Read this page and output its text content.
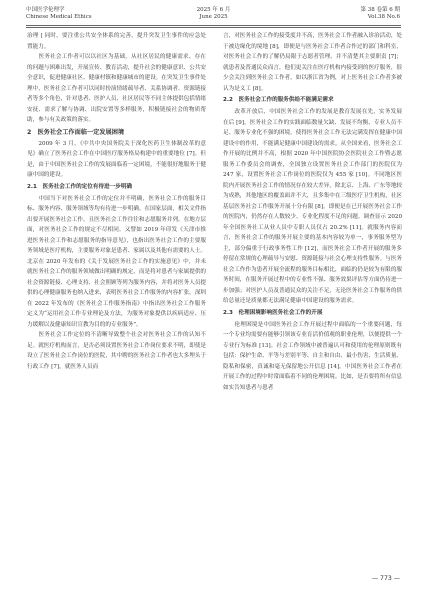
中国医学伦理学
Chinese Medical Ethics
2025 年 6 月
June 2025
第 38 卷第 6 期
Vol.38 No.6

治理 [ 同时，要注重公共安全体系的完善，提升突发卫生事件的应急处置能力。

医务社会工作者可以以社区为基础，从社区居民的健康需求、存在的问题与困难出发，开展宣传、教育活动，提升社会的健康意识、公共安全意识，促进健康社区、健康村镇和健康城市的建设。在突发卫生事件处理中，医务社会工作者可以同时扮演情绪疏导者、关系协调者、资源链接者等多个角色，针对患者、医护人员、社区居民等不同主体提供包括情绪安抚、需求了解与协调、出院安置等多样服务，积极链接社会的物质帮助，参与有关政策的落实。

2　医务社会工作面临一定发展困境

2009 年 3 月，《中共中央国务院关于深化医药卫生体制改革的意见》确立了医务社会工作在中国医疗服务格局构建中的重要地位 [7]。但是，由于中国医务社会工作的发展面临着一定困境，不能很好地服务于健康中国的建设。

2.1　医务社会工作的定位有待进一步明确

中国当下对医务社会工作的定位并不明确，医务社会工作的服务目标、服务内容、服务领域等均有待进一步明确。在国家层面，相关文件指出要开展医务社会工作，且医务社会工作往往和志愿服务并列。在地方层面，对医务社会工作的规定不尽相同。又譬如 2019 年印发《天津市推进医务社会工作和志愿服务的指导意见》，也指出医务社会工作的主要服务领域是医疗机构，主要服务对象是患者、家属以及其他有需要的人士。北京在 2020 年发布的《关于发展医务社会工作的实施意见》中，并未就医务社会工作的服务领域做出明确的规定，而是将对患者与家属提供的社会资源链接、心理支持、社会照顾等列为服务内容，并将对医务人员提供的心理健康服务也纳入进来，表明医务社会工作服务的内容扩张。深圳在 2022 年发布的《医务社会工作服务指南》中指出医务社会工作服务定义为“运用社会工作专业理论及方法，为服务对象提供以疾病适应、压力缓解以及健康知识宣教为目的的专业服务”。

医务社会工作定位的不清晰导致整个社会对医务社会工作的认知不足。就医疗机构而言，是否必须设置医务社会工作岗位要求不明，即使是设立了医务社会工作岗位的医院，其中聘的医务社会工作者也大多埋头于行政工作 [7]，就医务人员而

言，对医务社会工作的接受度并不高，医务社会工作者融入诊治活动，处于被边缘化的境地 [8]，即便是与医务社会工作者合作过的部门和科室，对医务社会工作的了解仍局限于志愿者管理、并不清楚其主要职责 [7]；就患者及普通民众而言，他们更关注在医疗机构内接受到的医疗服务，很少会关注到医务社会工作者，如以浙江省为例，对上医务社会工作者多被认为是义工 [8]。

2.2　医务社会工作的服务供给不能满足需求

改革开放后，中国医务社会工作的发展是教育发展在先，实务发展在后 [9]，医务社会工作的实践面临数量欠缺、发展不均衡、专业人员不足、服务专业化不强的困境，使得医务社会工作无法完满发挥在健康中国建设中的作用，不能满足健康中国建设的需求。从全国来看，医务社会工作开展的比例并不高，根据 2020 年中国医院协会医院社会工作暨志愿服务工作委员会的调查，全国独立设置医务社会工作部门的医院仅为 247 家，设置医务社会工作岗位的医院仅为 455 家 [10]。不同地区医院内开展医务社会工作的情况存在较大差异，除北京、上海、广东等地较为成熟，其他地区的覆盖面并不大，且多集中在三级医疗卫生机构，社区基层医务社会工作服务开展十分有限 [8]。即便是在已开展医务社会工作的医院内，仍然存在人数较少、专业化程度不足的问题。调查显示 2020 年全国医务社工从业人员中专职人员仅占 20.2% [11]。就服务内容而言，医务社会工作的服务开展主要的基本内容较为单一，事务服务型为主，部分偏重于行政事务性工作 [12]，而医务社会工作者开展的服务多停留在常规的心理疏导与安慰、资源链接与社会心理支持性服务。与医务社会工作作为患者开展全流程的服务目标相比，面临的仍是较为有限的服务时间，在服务开展过程中的专业性不强、服务效果评估等方面仍待进一步加强；对医护人员及普通民众的关注不足，无论医务社会工作服务的供给总量还是质量都无法满足健康中国建设的服务需求。

2.3　伦理困境影响医务社会工作的开展

伦理困境是中国医务社会工作开展过程中面临的一个重要问题，每一个专业均需要有能够引领该专业育活价值观的职业伦理，以便提供一个专业行为标准 [13]。社会工作领域中被普遍认可和使用的伦理原则既有包括：保护生命、平等与差别平等、自主和自由、最小伤害、生活质量、隐私和保密，真诚和毫无保留地公开信息 [14]。中国医务社会工作者在开展工作的过程中时常面临着不同的伦理困境。比如，是否要将所有信息如实告知患者与患者

— 773 —
